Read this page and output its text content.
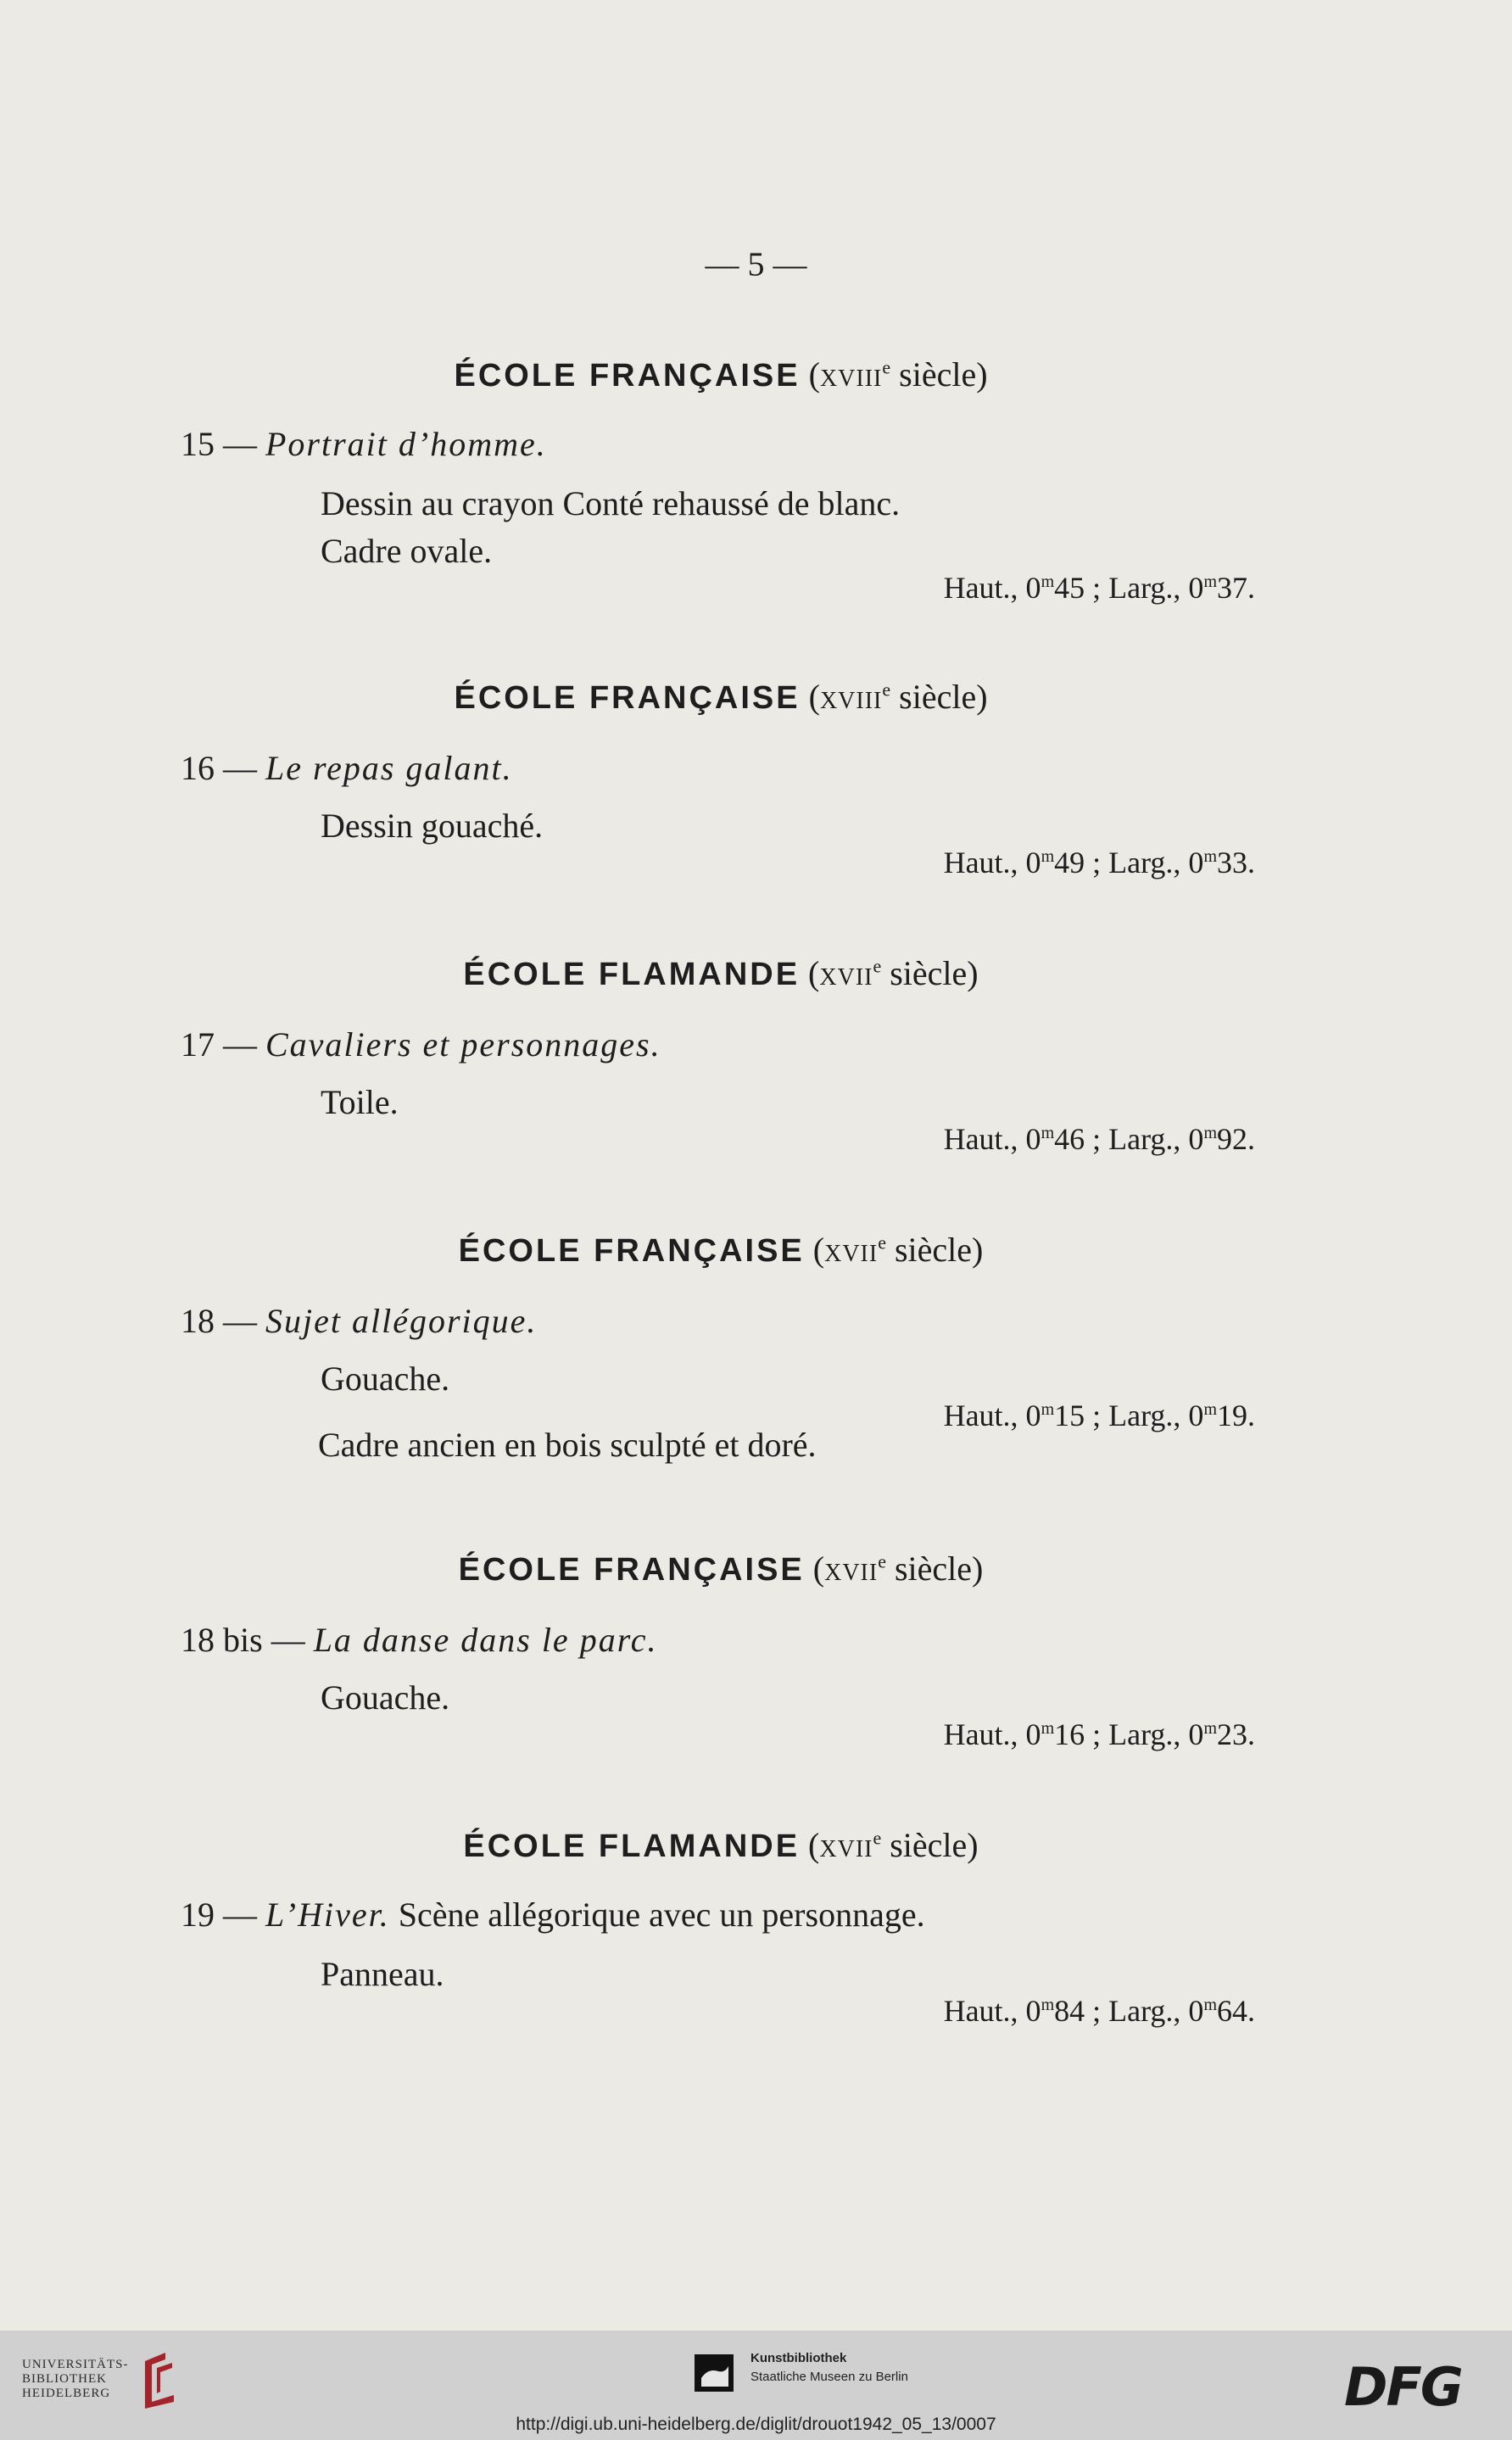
— 5 —
ÉCOLE FRANÇAISE (xviii$^e$ siècle)
15 — Portrait d’homme.
Dessin au crayon Conté rehaussé de blanc.
Cadre ovale.
Haut., 0$^m$45 ; Larg., 0$^m$37.
ÉCOLE FRANÇAISE (xviii$^e$ siècle)
16 — Le repas galant.
Dessin gouaché.
Haut., 0$^m$49 ; Larg., 0$^m$33.
ÉCOLE FLAMANDE (xvii$^e$ siècle)
17 — Cavaliers et personnages.
Toile.
Haut., 0$^m$46 ; Larg., 0$^m$92.
ÉCOLE FRANÇAISE (xvii$^e$ siècle)
18 — Sujet allégorique.
Gouache.
Haut., 0$^m$15 ; Larg., 0$^m$19.
Cadre ancien en bois sculpté et doré.
ÉCOLE FRANÇAISE (xvii$^e$ siècle)
18 bis — La danse dans le parc.
Gouache.
Haut., 0$^m$16 ; Larg., 0$^m$23.
ÉCOLE FLAMANDE (xvii$^e$ siècle)
19 — L’Hiver. Scène allégorique avec un personnage.
Panneau.
Haut., 0$^m$84 ; Larg., 0$^m$64.
UNIVERSITÄTS-
BIBLIOTHEK
HEIDELBERG
Kunstbibliothek
Staatliche Museen zu Berlin	DFG
http://digi.ub.uni-heidelberg.de/diglit/drouot1942_05_13/0007
